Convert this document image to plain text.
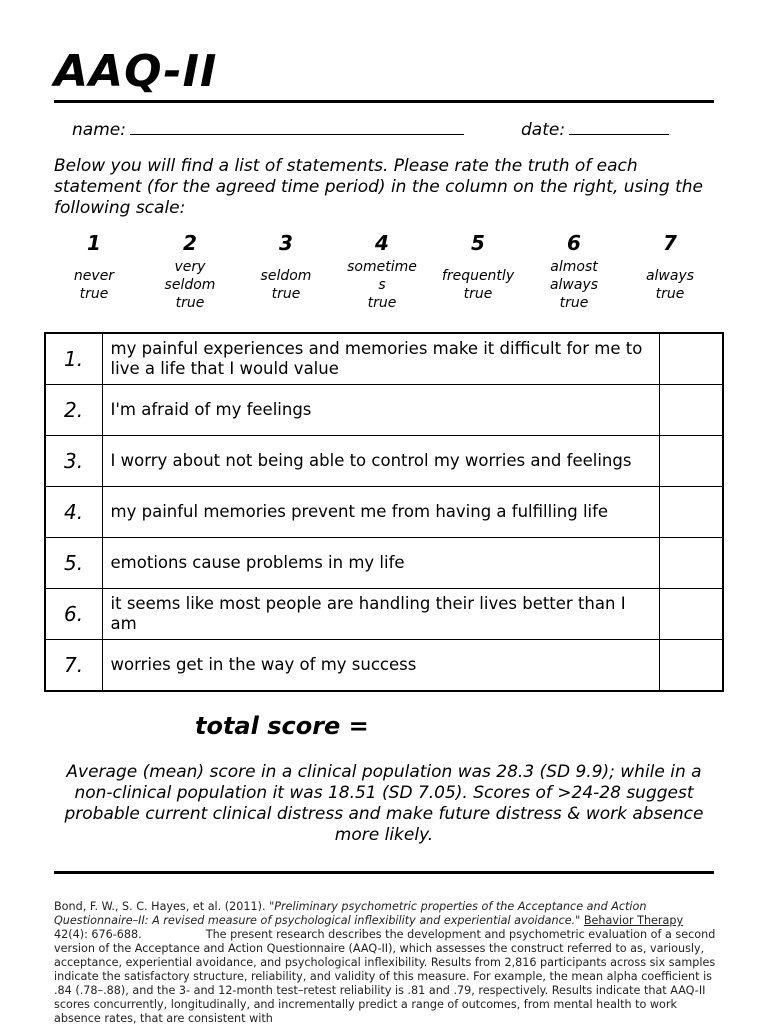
AAQ-II
name:	date:
Below you will find a list of statements. Please rate the truth of each statement (for the agreed time period) in the column on the right, using the following scale:
1
never
true
2
very
seldom
true
3
seldom
true
4
sometime
s
true
5
frequently
true
6
almost
always
true
7
always
true
1.	my painful experiences and memories make it difficult for me to live a life that I would value	
2.	I'm afraid of my feelings	
3.	I worry about not being able to control my worries and feelings	
4.	my painful memories prevent me from having a fulfilling life	
5.	emotions cause problems in my life	
6.	it seems like most people are handling their lives better than I am	
7.	worries get in the way of my success	
total score =
Average (mean) score in a clinical population was 28.3 (SD 9.9); while in a non-clinical population it was 18.51 (SD 7.05). Scores of >24-28 suggest probable current clinical distress and make future distress & work absence more likely.
Bond, F. W., S. C. Hayes, et al. (2011). "Preliminary psychometric properties of the Acceptance and Action Questionnaire–II: A revised measure of psychological inflexibility and experiential avoidance." Behavior Therapy 42(4): 676-688.	The present research describes the development and psychometric evaluation of a second version of the Acceptance and Action Questionnaire (AAQ-II), which assesses the construct referred to as, variously, acceptance, experiential avoidance, and psychological inflexibility. Results from 2,816 participants across six samples indicate the satisfactory structure, reliability, and validity of this measure. For example, the mean alpha coefficient is .84 (.78–.88), and the 3- and 12-month test–retest reliability is .81 and .79, respectively. Results indicate that AAQ-II scores concurrently, longitudinally, and incrementally predict a range of outcomes, from mental health to work absence rates, that are consistent with
